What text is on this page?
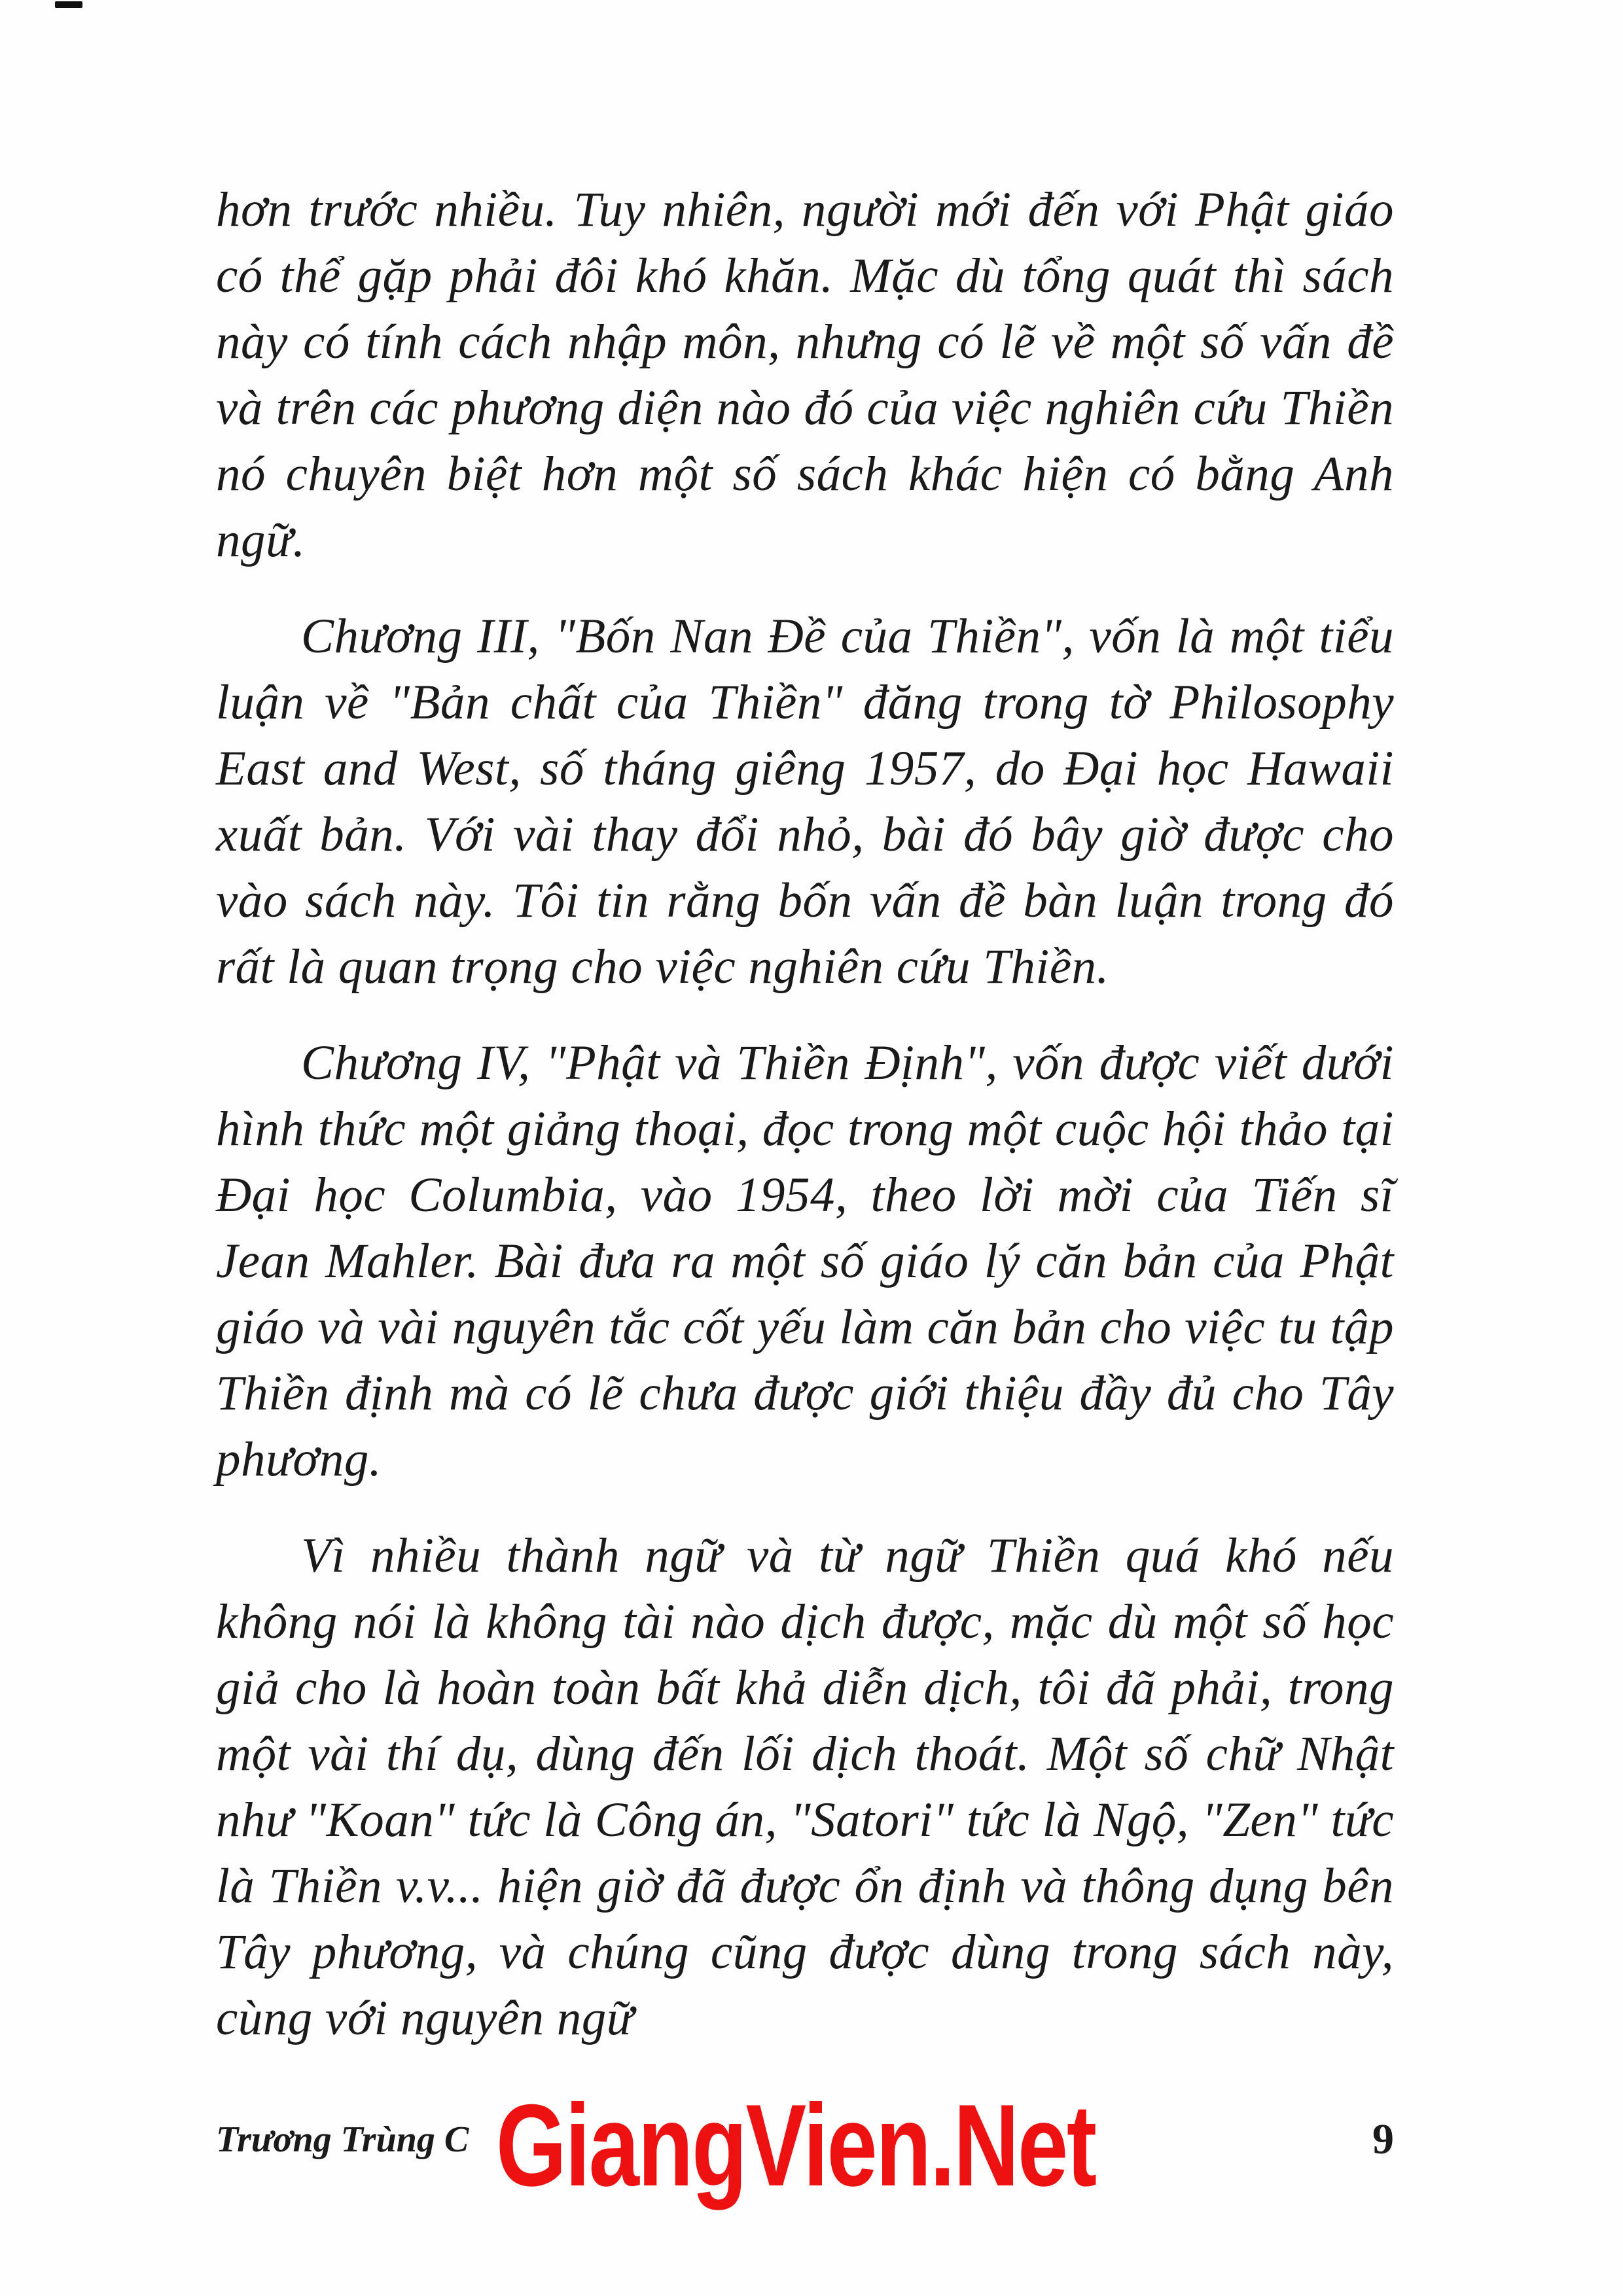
hơn trước nhiều. Tuy nhiên, người mới đến với Phật giáo có thể gặp phải đôi khó khăn. Mặc dù tổng quát thì sách này có tính cách nhập môn, nhưng có lẽ về một số vấn đề và trên các phương diện nào đó của việc nghiên cứu Thiền nó chuyên biệt hơn một số sách khác hiện có bằng Anh ngữ.

Chương III, "Bốn Nan Đề của Thiền", vốn là một tiểu luận về "Bản chất của Thiền" đăng trong tờ Philosophy East and West, số tháng giêng 1957, do Đại học Hawaii xuất bản. Với vài thay đổi nhỏ, bài đó bây giờ được cho vào sách này. Tôi tin rằng bốn vấn đề bàn luận trong đó rất là quan trọng cho việc nghiên cứu Thiền.

Chương IV, "Phật và Thiền Định", vốn được viết dưới hình thức một giảng thoại, đọc trong một cuộc hội thảo tại Đại học Columbia, vào 1954, theo lời mời của Tiến sĩ Jean Mahler. Bài đưa ra một số giáo lý căn bản của Phật giáo và vài nguyên tắc cốt yếu làm căn bản cho việc tu tập Thiền định mà có lẽ chưa được giới thiệu đầy đủ cho Tây phương.

Vì nhiều thành ngữ và từ ngữ Thiền quá khó nếu không nói là không tài nào dịch được, mặc dù một số học giả cho là hoàn toàn bất khả diễn dịch, tôi đã phải, trong một vài thí dụ, dùng đến lối dịch thoát. Một số chữ Nhật như "Koan" tức là Công án, "Satori" tức là Ngộ, "Zen" tức là Thiền v.v... hiện giờ đã được ổn định và thông dụng bên Tây phương, và chúng cũng được dùng trong sách này, cùng với nguyên ngữ

Trương Trùng C GiangVien.Net	9
